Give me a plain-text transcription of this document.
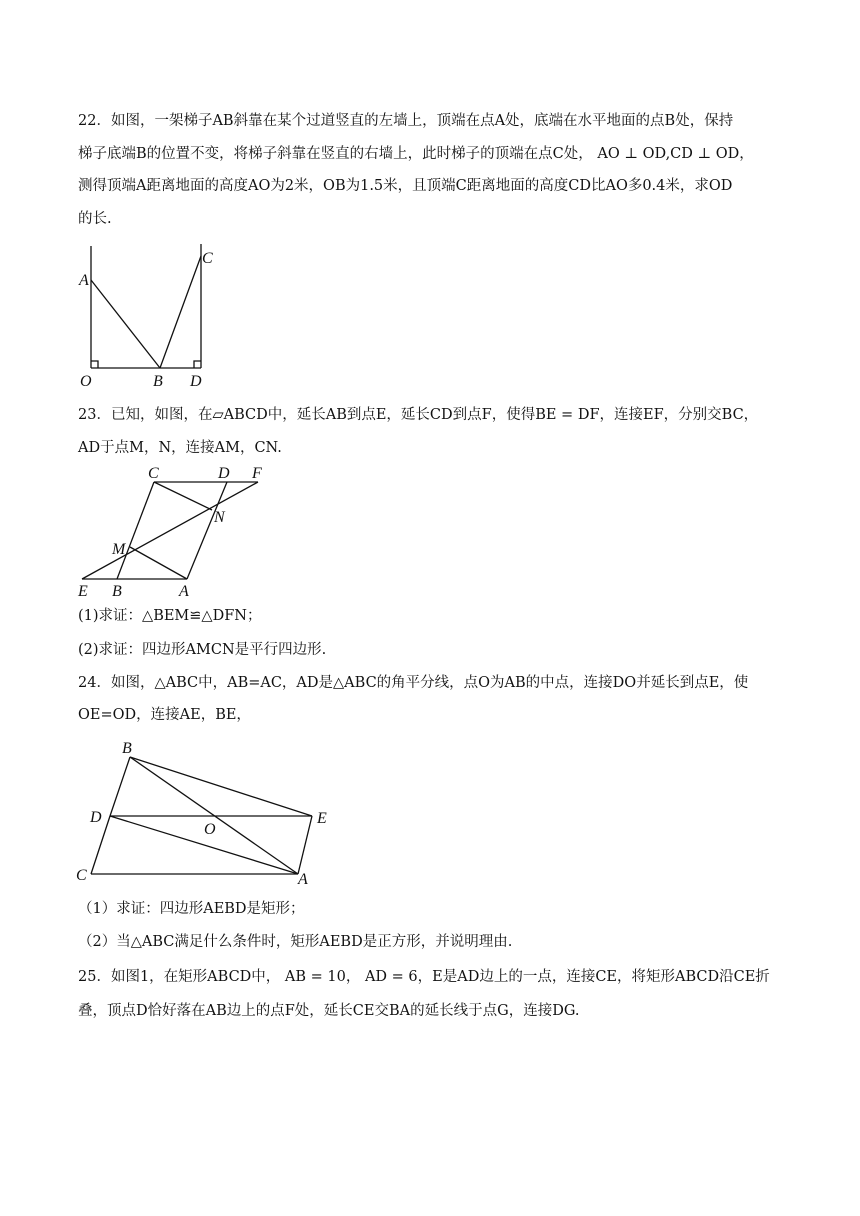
22．如图，一架梯子AB斜靠在某个过道竖直的左墙上，顶端在点A处，底端在水平地面的点B处，保持
梯子底端B的位置不变，将梯子斜靠在竖直的右墙上，此时梯子的顶端在点C处， AO ⊥ OD,CD ⊥ OD，
测得顶端A距离地面的高度AO为2米，OB为1.5米，且顶端C距离地面的高度CD比AO多0.4米，求OD
的长.
A
C
O	B D
23．已知，如图，在▱ABCD中，延长AB到点E，延长CD到点F，使得BE = DF，连接EF，分别交BC，
AD于点M，N，连接AM，CN.
C	D F
N
M
E B	A
(1)求证：△BEM≌△DFN；
(2)求证：四边形AMCN是平行四边形.
24．如图，△ABC中，AB=AC，AD是△ABC的角平分线，点O为AB的中点，连接DO并延长到点E，使
OE=OD，连接AE，BE，
B
D
O
E
C	A
（1）求证：四边形AEBD是矩形；
（2）当△ABC满足什么条件时，矩形AEBD是正方形，并说明理由.
25．如图1，在矩形ABCD中， AB = 10， AD = 6，E是AD边上的一点，连接CE，将矩形ABCD沿CE折
叠，顶点D恰好落在AB边上的点F处，延长CE交BA的延长线于点G，连接DG.
